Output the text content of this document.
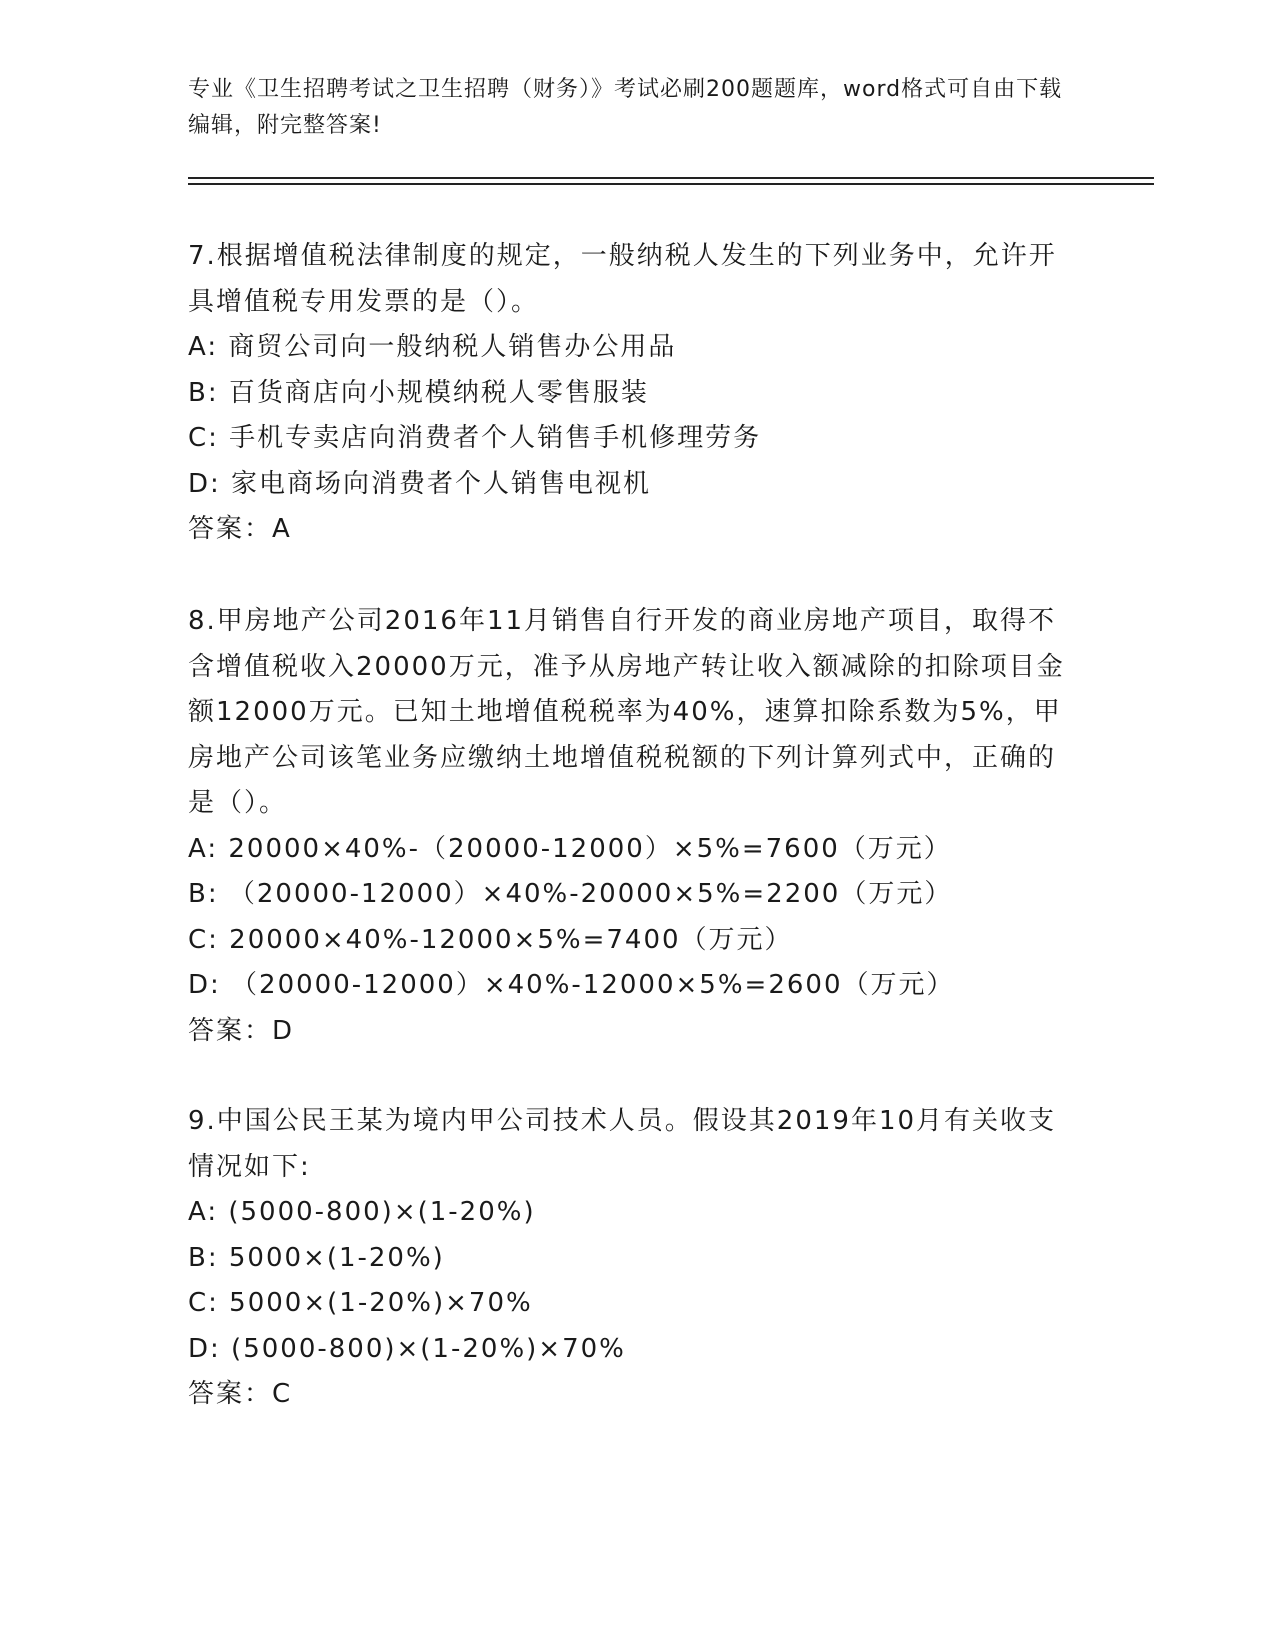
专业《卫生招聘考试之卫生招聘（财务）》考试必刷200题题库，word格式可自由下载编辑，附完整答案!
7.根据增值税法律制度的规定，一般纳税人发生的下列业务中，允许开具增值税专用发票的是（）。
A: 商贸公司向一般纳税人销售办公用品
B: 百货商店向小规模纳税人零售服装
C: 手机专卖店向消费者个人销售手机修理劳务
D: 家电商场向消费者个人销售电视机
答案：A
8.甲房地产公司2016年11月销售自行开发的商业房地产项目，取得不含增值税收入20000万元，准予从房地产转让收入额减除的扣除项目金额12000万元。已知土地增值税税率为40%，速算扣除系数为5%，甲房地产公司该笔业务应缴纳土地增值税税额的下列计算列式中，正确的是（）。
A: 20000×40%-（20000-12000）×5%=7600（万元）
B: （20000-12000）×40%-20000×5%=2200（万元）
C: 20000×40%-12000×5%=7400（万元）
D: （20000-12000）×40%-12000×5%=2600（万元）
答案：D
9.中国公民王某为境内甲公司技术人员。假设其2019年10月有关收支情况如下:
A: (5000-800)×(1-20%)
B: 5000×(1-20%)
C: 5000×(1-20%)×70%
D: (5000-800)×(1-20%)×70%
答案：C
